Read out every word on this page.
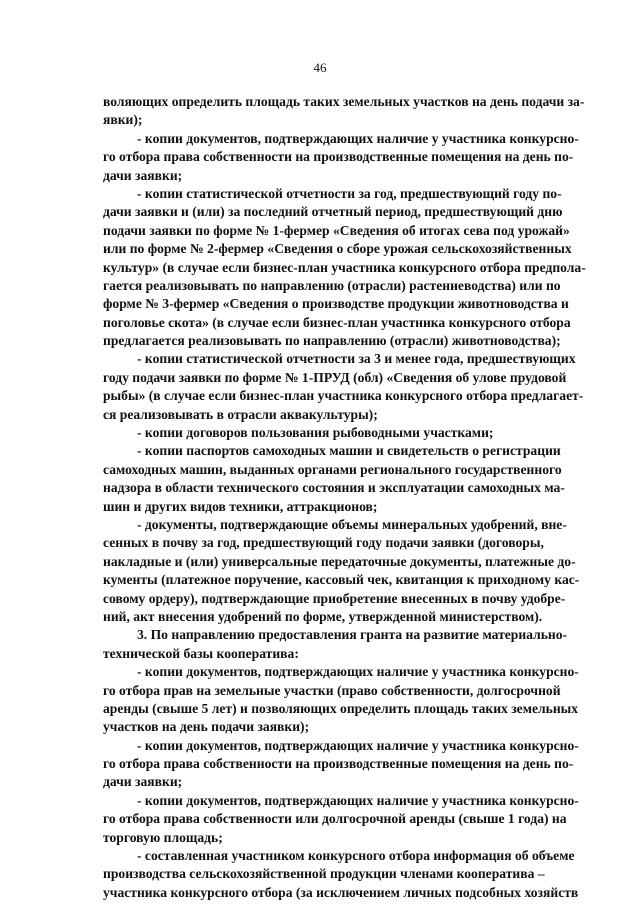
46
воляющих определить площадь таких земельных участков на день подачи за-
явки);
- копии документов, подтверждающих наличие у участника конкурсно-
го отбора права собственности на производственные помещения на день по-
дачи заявки;
- копии статистической отчетности за год, предшествующий году по-
дачи заявки и (или) за последний отчетный период, предшествующий дню
подачи заявки по форме № 1-фермер «Сведения об итогах сева под урожай»
или по форме № 2-фермер «Сведения о сборе урожая сельскохозяйственных
культур» (в случае если бизнес-план участника конкурсного отбора предпола-
гается реализовывать по направлению (отрасли) растениеводства) или по
форме № 3-фермер «Сведения о производстве продукции животноводства и
поголовье скота» (в случае если бизнес-план участника конкурсного отбора
предлагается реализовывать по направлению (отрасли) животноводства);
- копии статистической отчетности за 3 и менее года, предшествующих
году подачи заявки по форме № 1-ПРУД (обл) «Сведения об улове прудовой
рыбы» (в случае если бизнес-план участника конкурсного отбора предлагает-
ся реализовывать в отрасли аквакультуры);
- копии договоров пользования рыбоводными участками;
- копии паспортов самоходных машин и свидетельств о регистрации
самоходных машин, выданных органами регионального государственного
надзора в области технического состояния и эксплуатации самоходных ма-
шин и других видов техники, аттракционов;
- документы, подтверждающие объемы минеральных удобрений, вне-
сенных в почву за год, предшествующий году подачи заявки (договоры,
накладные и (или) универсальные передаточные документы, платежные до-
кументы (платежное поручение, кассовый чек, квитанция к приходному кас-
совому ордеру), подтверждающие приобретение внесенных в почву удобре-
ний, акт внесения удобрений по форме, утвержденной министерством).
3. По направлению предоставления гранта на развитие материально-
технической базы кооператива:
- копии документов, подтверждающих наличие у участника конкурсно-
го отбора прав на земельные участки (право собственности, долгосрочной
аренды (свыше 5 лет) и позволяющих определить площадь таких земельных
участков на день подачи заявки);
- копии документов, подтверждающих наличие у участника конкурсно-
го отбора права собственности на производственные помещения на день по-
дачи заявки;
- копии документов, подтверждающих наличие у участника конкурсно-
го отбора права собственности или долгосрочной аренды (свыше 1 года) на
торговую площадь;
- составленная участником конкурсного отбора информация об объеме
производства сельскохозяйственной продукции членами кооператива –
участника конкурсного отбора (за исключением личных подсобных хозяйств
